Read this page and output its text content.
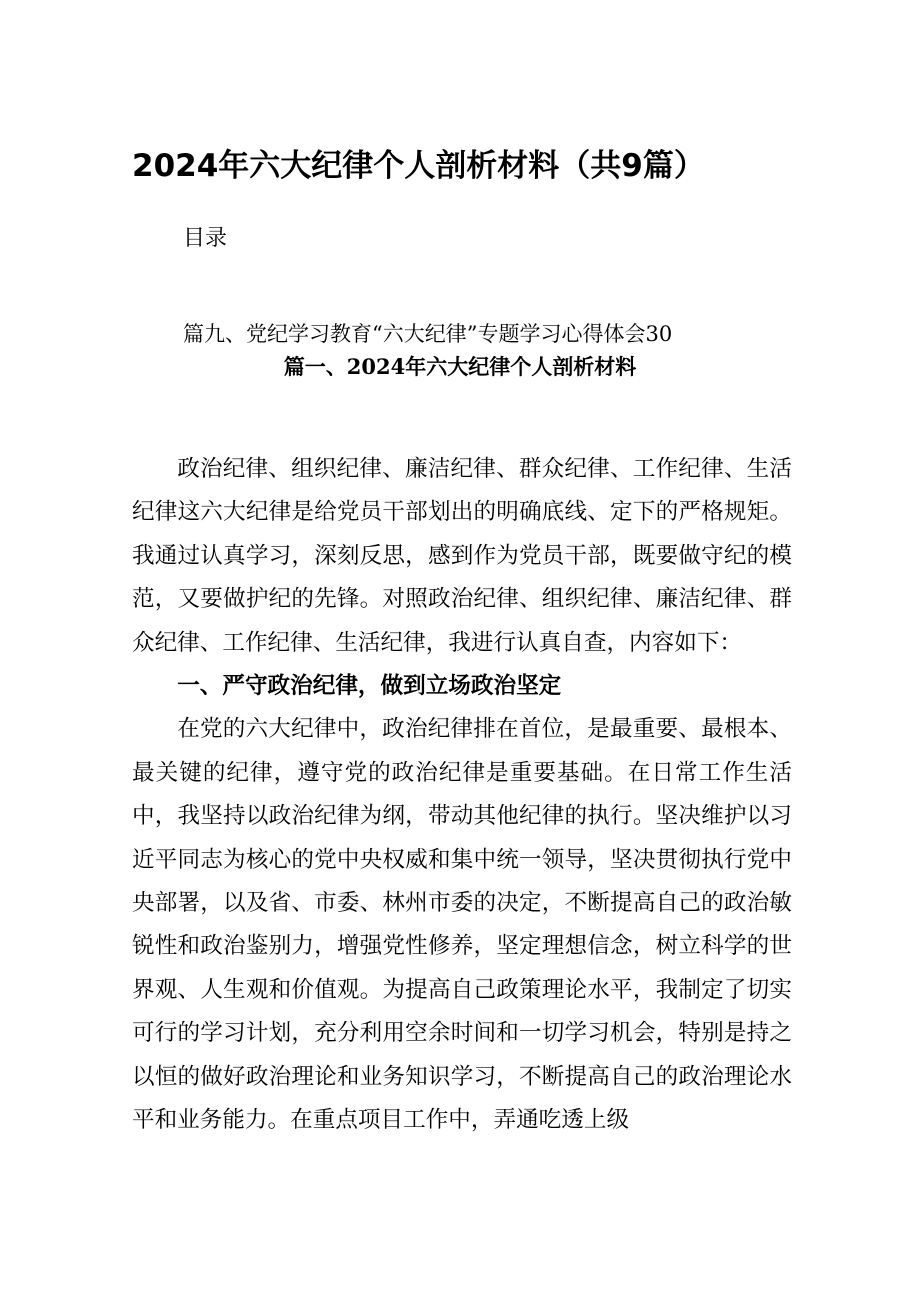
2024年六大纪律个人剖析材料（共9篇）

目录

篇九、党纪学习教育“六大纪律”专题学习心得体会30

篇一、2024年六大纪律个人剖析材料

政治纪律、组织纪律、廉洁纪律、群众纪律、工作纪律、生活纪律这六大纪律是给党员干部划出的明确底线、定下的严格规矩。我通过认真学习，深刻反思，感到作为党员干部，既要做守纪的模范，又要做护纪的先锋。对照政治纪律、组织纪律、廉洁纪律、群众纪律、工作纪律、生活纪律，我进行认真自查，内容如下：

一、严守政治纪律，做到立场政治坚定

在党的六大纪律中，政治纪律排在首位，是最重要、最根本、最关键的纪律，遵守党的政治纪律是重要基础。在日常工作生活中，我坚持以政治纪律为纲，带动其他纪律的执行。坚决维护以习近平同志为核心的党中央权威和集中统一领导，坚决贯彻执行党中央部署，以及省、市委、林州市委的决定，不断提高自己的政治敏锐性和政治鉴别力，增强党性修养，坚定理想信念，树立科学的世界观、人生观和价值观。为提高自己政策理论水平，我制定了切实可行的学习计划，充分利用空余时间和一切学习机会，特别是持之以恒的做好政治理论和业务知识学习，不断提高自己的政治理论水平和业务能力。在重点项目工作中，弄通吃透上级
